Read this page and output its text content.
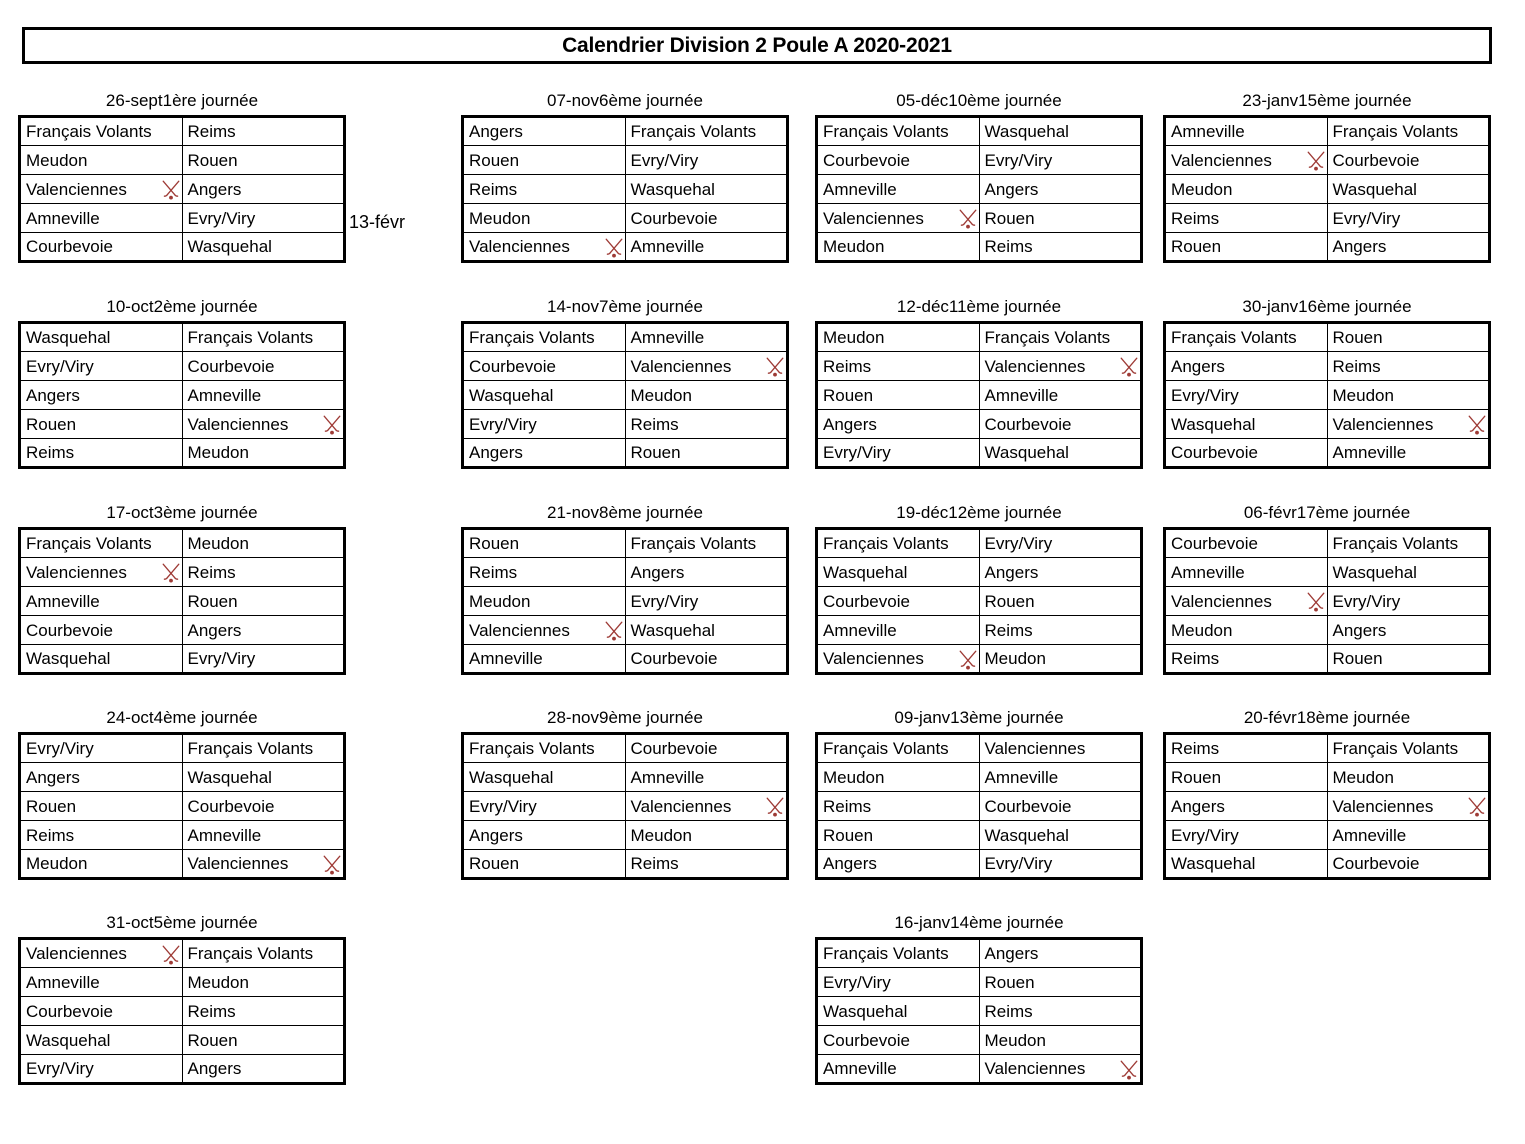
Calendrier Division 2 Poule A 2020-2021
26-sept1ère journée
Français Volants	Reims

Meudon	Rouen

Valenciennes	Angers

Amneville	Evry/Viry

Courbevoie	Wasquehal
10-oct2ème journée
Wasquehal	Français Volants

Evry/Viry	Courbevoie

Angers	Amneville

Rouen	Valenciennes

Reims	Meudon
17-oct3ème journée
Français Volants	Meudon

Valenciennes	Reims

Amneville	Rouen

Courbevoie	Angers

Wasquehal	Evry/Viry
24-oct4ème journée
Evry/Viry	Français Volants

Angers	Wasquehal

Rouen	Courbevoie

Reims	Amneville

Meudon	Valenciennes
31-oct5ème journée
Valenciennes	Français Volants

Amneville	Meudon

Courbevoie	Reims

Wasquehal	Rouen

Evry/Viry	Angers
07-nov6ème journée
Angers	Français Volants

Rouen	Evry/Viry

Reims	Wasquehal

Meudon	Courbevoie

Valenciennes	Amneville
14-nov7ème journée
Français Volants	Amneville

Courbevoie	Valenciennes

Wasquehal	Meudon

Evry/Viry	Reims

Angers	Rouen
21-nov8ème journée
Rouen	Français Volants

Reims	Angers

Meudon	Evry/Viry

Valenciennes	Wasquehal

Amneville	Courbevoie
28-nov9ème journée
Français Volants	Courbevoie

Wasquehal	Amneville

Evry/Viry	Valenciennes

Angers	Meudon

Rouen	Reims
05-déc10ème journée
Français Volants	Wasquehal

Courbevoie	Evry/Viry

Amneville	Angers

Valenciennes	Rouen

Meudon	Reims
12-déc11ème journée
Meudon	Français Volants

Reims	Valenciennes

Rouen	Amneville

Angers	Courbevoie

Evry/Viry	Wasquehal
19-déc12ème journée
Français Volants	Evry/Viry

Wasquehal	Angers

Courbevoie	Rouen

Amneville	Reims

Valenciennes	Meudon
09-janv13ème journée
Français Volants	Valenciennes

Meudon	Amneville

Reims	Courbevoie

Rouen	Wasquehal

Angers	Evry/Viry
16-janv14ème journée
Français Volants	Angers

Evry/Viry	Rouen

Wasquehal	Reims

Courbevoie	Meudon

Amneville	Valenciennes
23-janv15ème journée
Amneville	Français Volants

Valenciennes	Courbevoie

Meudon	Wasquehal

Reims	Evry/Viry

Rouen	Angers
30-janv16ème journée
Français Volants	Rouen

Angers	Reims

Evry/Viry	Meudon

Wasquehal	Valenciennes

Courbevoie	Amneville
06-févr17ème journée
Courbevoie	Français Volants

Amneville	Wasquehal

Valenciennes	Evry/Viry

Meudon	Angers

Reims	Rouen
20-févr18ème journée
Reims	Français Volants

Rouen	Meudon

Angers	Valenciennes

Evry/Viry	Amneville

Wasquehal	Courbevoie
13-févr
